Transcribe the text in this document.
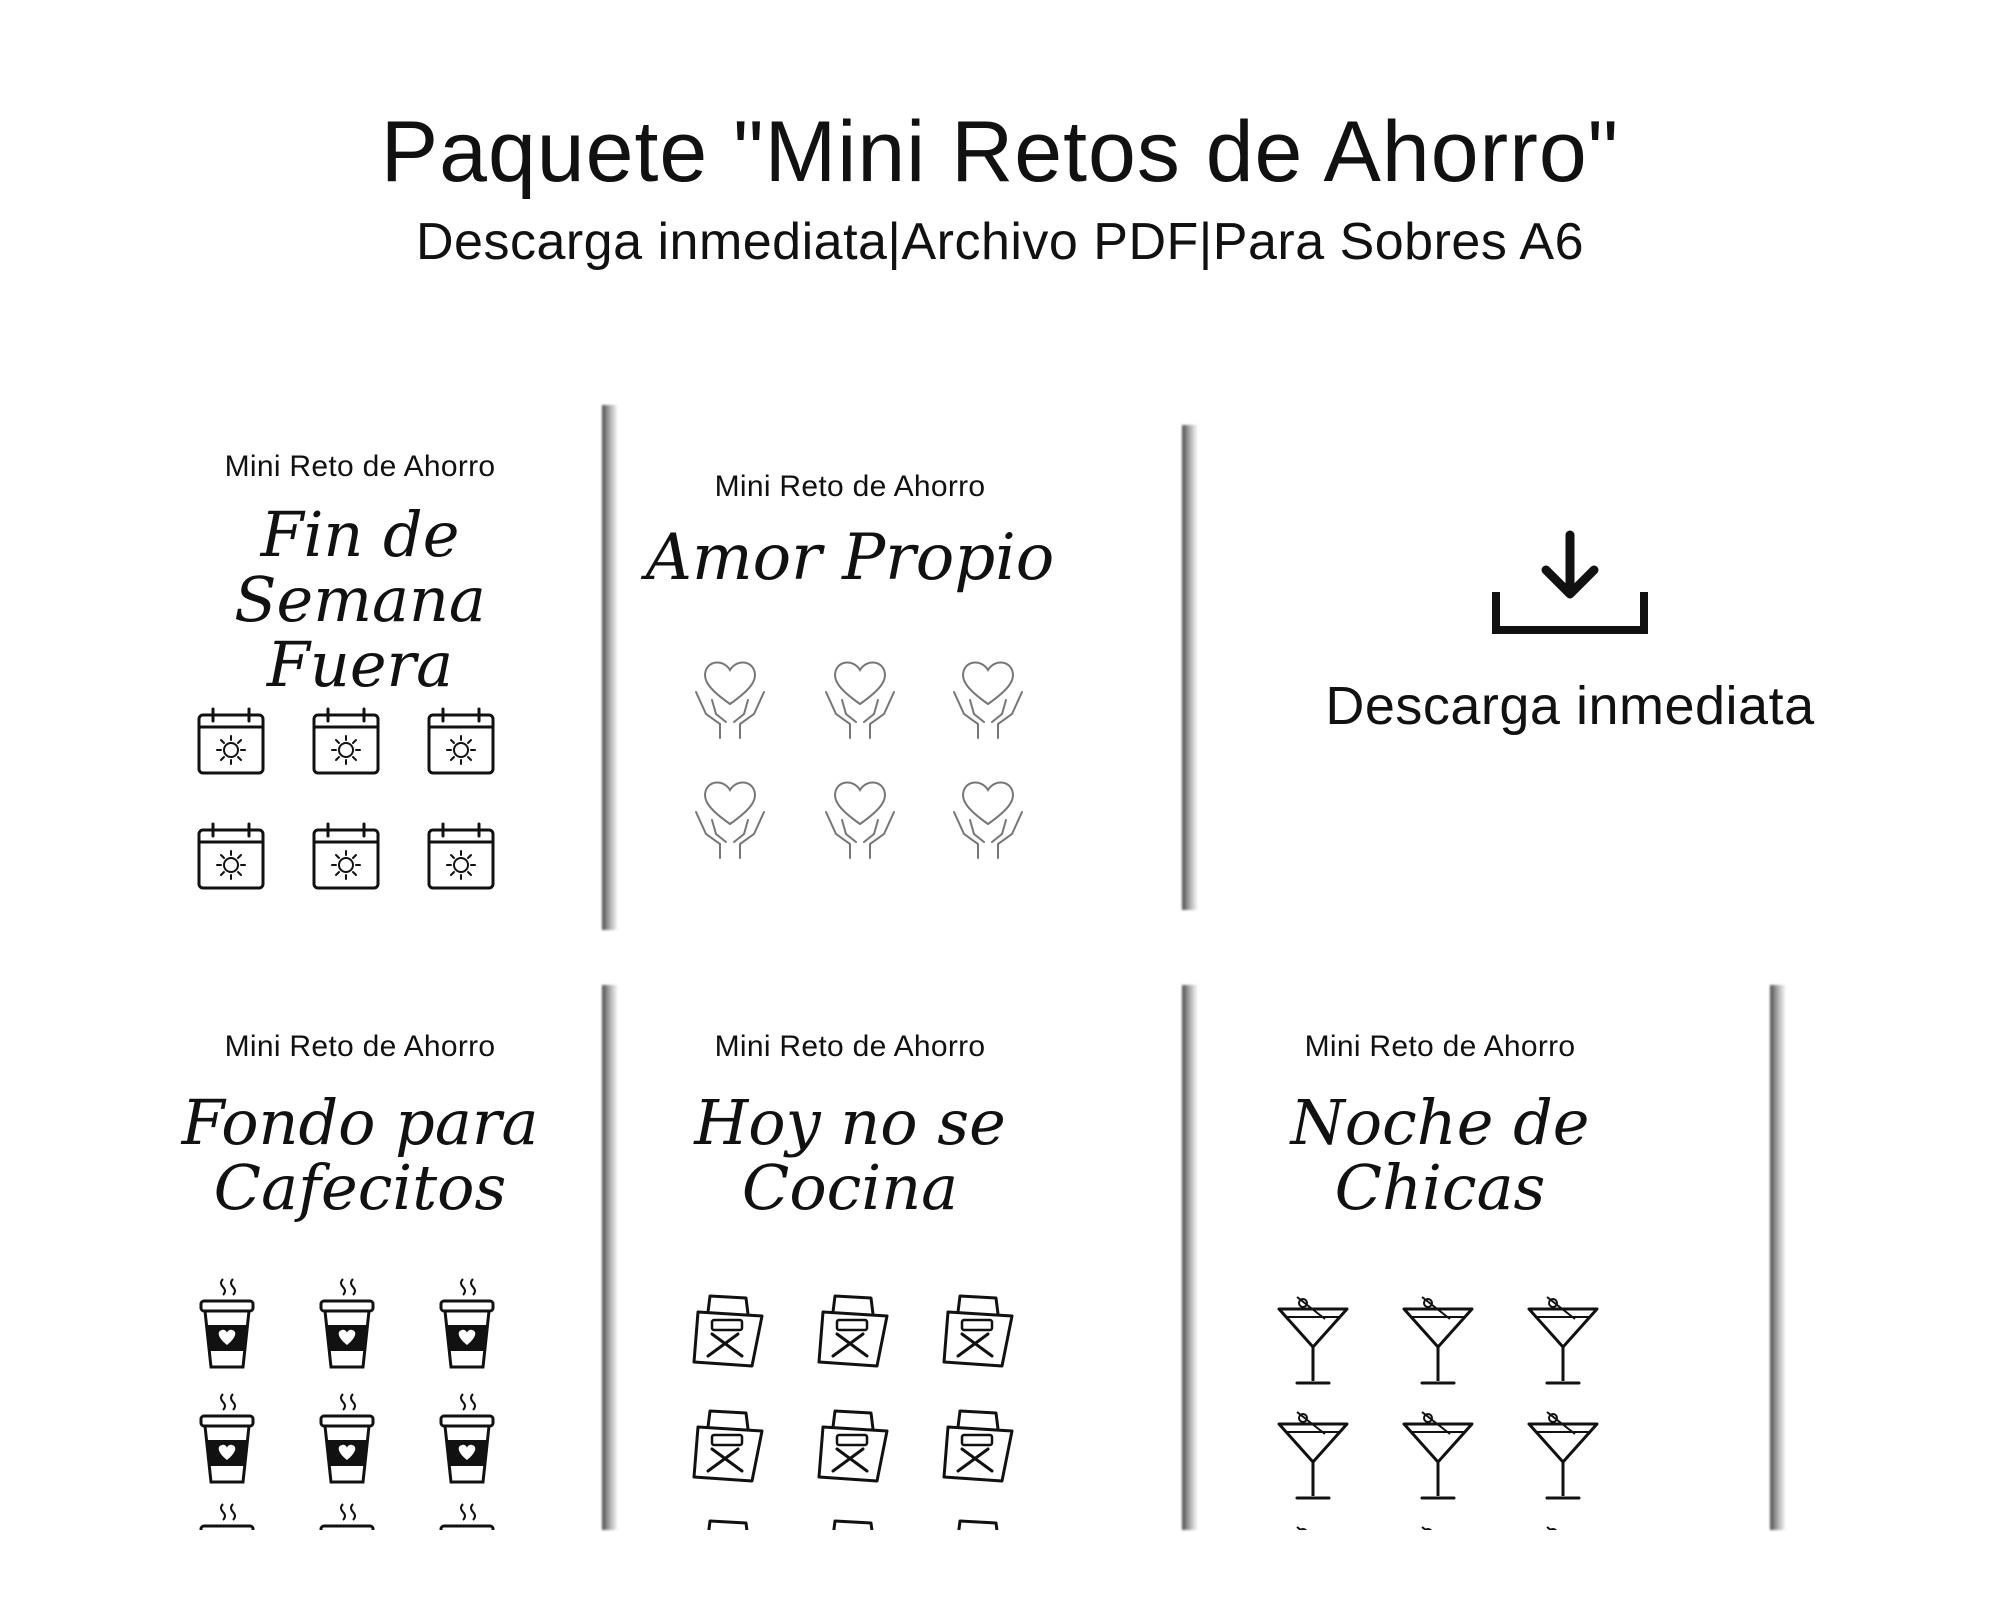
Paquete "Mini Retos de Ahorro"
Descarga inmediata|Archivo PDF|Para Sobres A6
Mini Reto de Ahorro
Fin de Semana
Fuera
Mini Reto de Ahorro
Amor Propio
Descarga inmediata
Mini Reto de Ahorro
Fondo para
Cafecitos
Mini Reto de Ahorro
Hoy no se
Cocina
Mini Reto de Ahorro
Noche de
Chicas
